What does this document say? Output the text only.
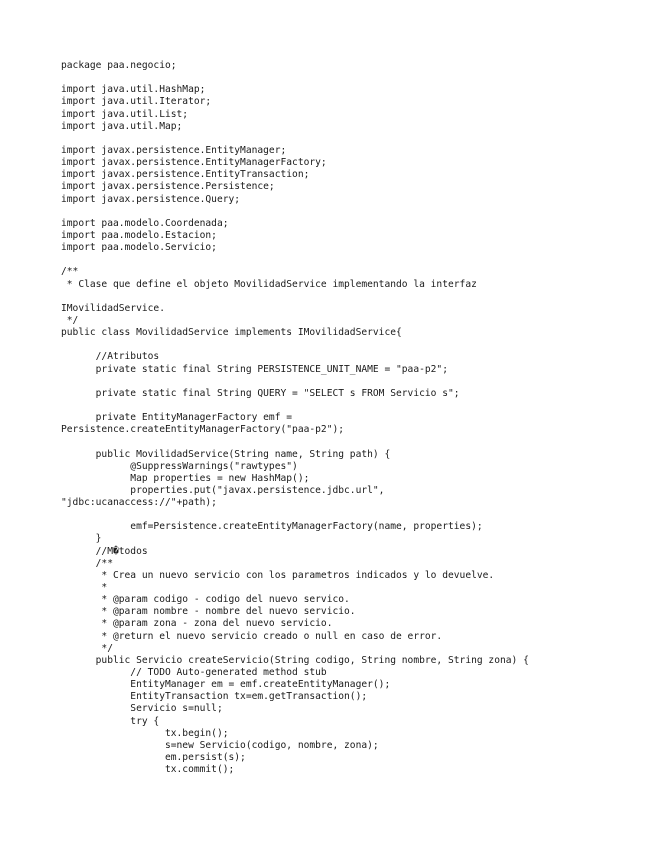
package paa.negocio;
import java.util.HashMap;
import java.util.Iterator;
import java.util.List;
import java.util.Map;
import javax.persistence.EntityManager;
import javax.persistence.EntityManagerFactory;
import javax.persistence.EntityTransaction;
import javax.persistence.Persistence;
import javax.persistence.Query;
import paa.modelo.Coordenada;
import paa.modelo.Estacion;
import paa.modelo.Servicio;
/**
* Clase que define el objeto MovilidadService implementando la interfaz
IMovilidadService.
*/
public class MovilidadService implements IMovilidadService{
//Atributos
private static final String PERSISTENCE_UNIT_NAME = "paa-p2";
private static final String QUERY = "SELECT s FROM Servicio s";
private EntityManagerFactory emf =
Persistence.createEntityManagerFactory("paa-p2");
public MovilidadService(String name, String path) {
@SuppressWarnings("rawtypes")
Map properties = new HashMap();
properties.put("javax.persistence.jdbc.url",
"jdbc:ucanaccess://"+path);
emf=Persistence.createEntityManagerFactory(name, properties);
}
//M�todos
/**
* Crea un nuevo servicio con los parametros indicados y lo devuelve.
*
* @param codigo - codigo del nuevo servico.
* @param nombre - nombre del nuevo servicio.
* @param zona - zona del nuevo servicio.
* @return el nuevo servicio creado o null en caso de error.
*/
public Servicio createServicio(String codigo, String nombre, String zona) {
// TODO Auto-generated method stub
EntityManager em = emf.createEntityManager();
EntityTransaction tx=em.getTransaction();
Servicio s=null;
try {
tx.begin();
s=new Servicio(codigo, nombre, zona);
em.persist(s);
tx.commit();
